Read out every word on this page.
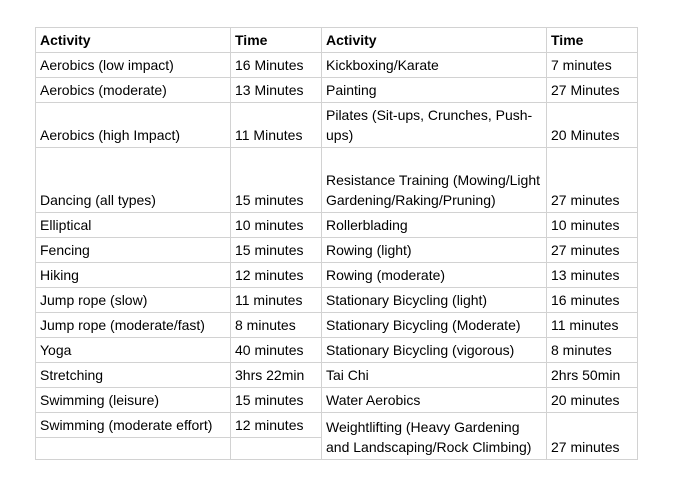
Activity	Time	Activity	Time
Aerobics (low impact)	16 Minutes	Kickboxing/Karate	7 minutes
Aerobics (moderate)	13 Minutes	Painting	27 Minutes
Aerobics (high Impact)	11 Minutes	Pilates (Sit-ups, Crunches, Push-ups)	20 Minutes
Dancing (all types)	15 minutes	Resistance Training (Mowing/Light Gardening/Raking/Pruning)	27 minutes
Elliptical	10 minutes	Rollerblading	10 minutes
Fencing	15 minutes	Rowing (light)	27 minutes
Hiking	12 minutes	Rowing (moderate)	13 minutes
Jump rope (slow)	11 minutes	Stationary Bicycling (light)	16 minutes
Jump rope (moderate/fast)	8 minutes	Stationary Bicycling (Moderate)	11 minutes
Yoga	40 minutes	Stationary Bicycling (vigorous)	8 minutes
Stretching	3hrs 22min	Tai Chi	2hrs 50min
Swimming (leisure)	15 minutes	Water Aerobics	20 minutes
Swimming (moderate effort)	12 minutes	Weightlifting (Heavy Gardening and Landscaping/Rock Climbing)	27 minutes
